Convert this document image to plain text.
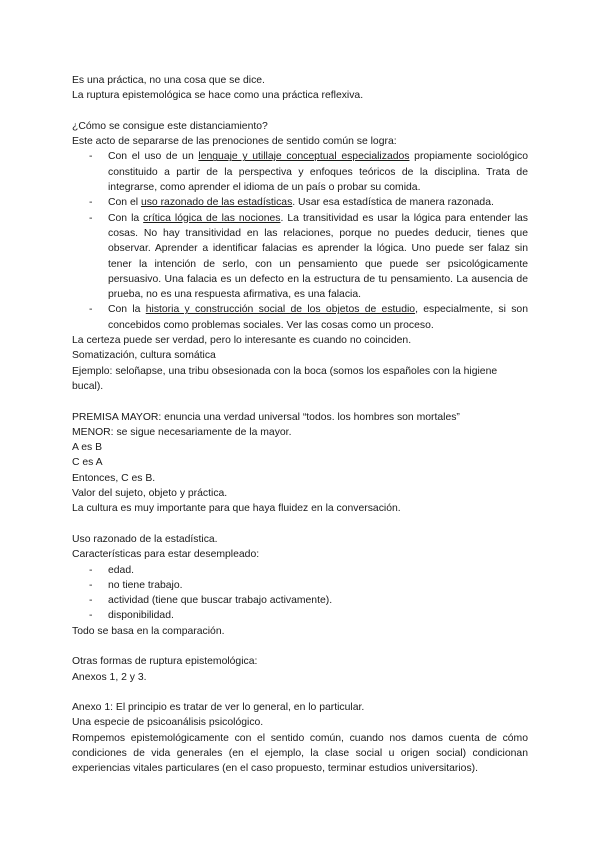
Es una práctica, no una cosa que se dice.

La ruptura epistemológica se hace como una práctica reflexiva.

¿Cómo se consigue este distanciamiento?

Este acto de separarse de las prenociones de sentido común se logra:

- Con el uso de un lenguaje y utillaje conceptual especializados propiamente sociológico constituido a partir de la perspectiva y enfoques teóricos de la disciplina. Trata de integrarse, como aprender el idioma de un país o probar su comida.
- Con el uso razonado de las estadísticas. Usar esa estadística de manera razonada.
- Con la crítica lógica de las nociones. La transitividad es usar la lógica para entender las cosas. No hay transitividad en las relaciones, porque no puedes deducir, tienes que observar. Aprender a identificar falacias es aprender la lógica. Uno puede ser falaz sin tener la intención de serlo, con un pensamiento que puede ser psicológicamente persuasivo. Una falacia es un defecto en la estructura de tu pensamiento. La ausencia de prueba, no es una respuesta afirmativa, es una falacia.
- Con la historia y construcción social de los objetos de estudio, especialmente, si son concebidos como problemas sociales. Ver las cosas como un proceso.

La certeza puede ser verdad, pero lo interesante es cuando no coinciden.

Somatización, cultura somática

Ejemplo: seloñapse, una tribu obsesionada con la boca (somos los españoles con la higiene bucal).

PREMISA MAYOR: enuncia una verdad universal “todos. los hombres son mortales”

MENOR: se sigue necesariamente de la mayor.

A es B

C es A

Entonces, C es B.

Valor del sujeto, objeto y práctica.

La cultura es muy importante para que haya fluidez en la conversación.

Uso razonado de la estadística.

Características para estar desempleado:

- edad.
- no tiene trabajo.
- actividad (tiene que buscar trabajo activamente).
- disponibilidad.

Todo se basa en la comparación.

Otras formas de ruptura epistemológica:

Anexos 1, 2 y 3.

Anexo 1: El principio es tratar de ver lo general, en lo particular.

Una especie de psicoanálisis psicológico.

Rompemos epistemológicamente con el sentido común, cuando nos damos cuenta de cómo condiciones de vida generales (en el ejemplo, la clase social u origen social) condicionan experiencias vitales particulares (en el caso propuesto, terminar estudios universitarios).
